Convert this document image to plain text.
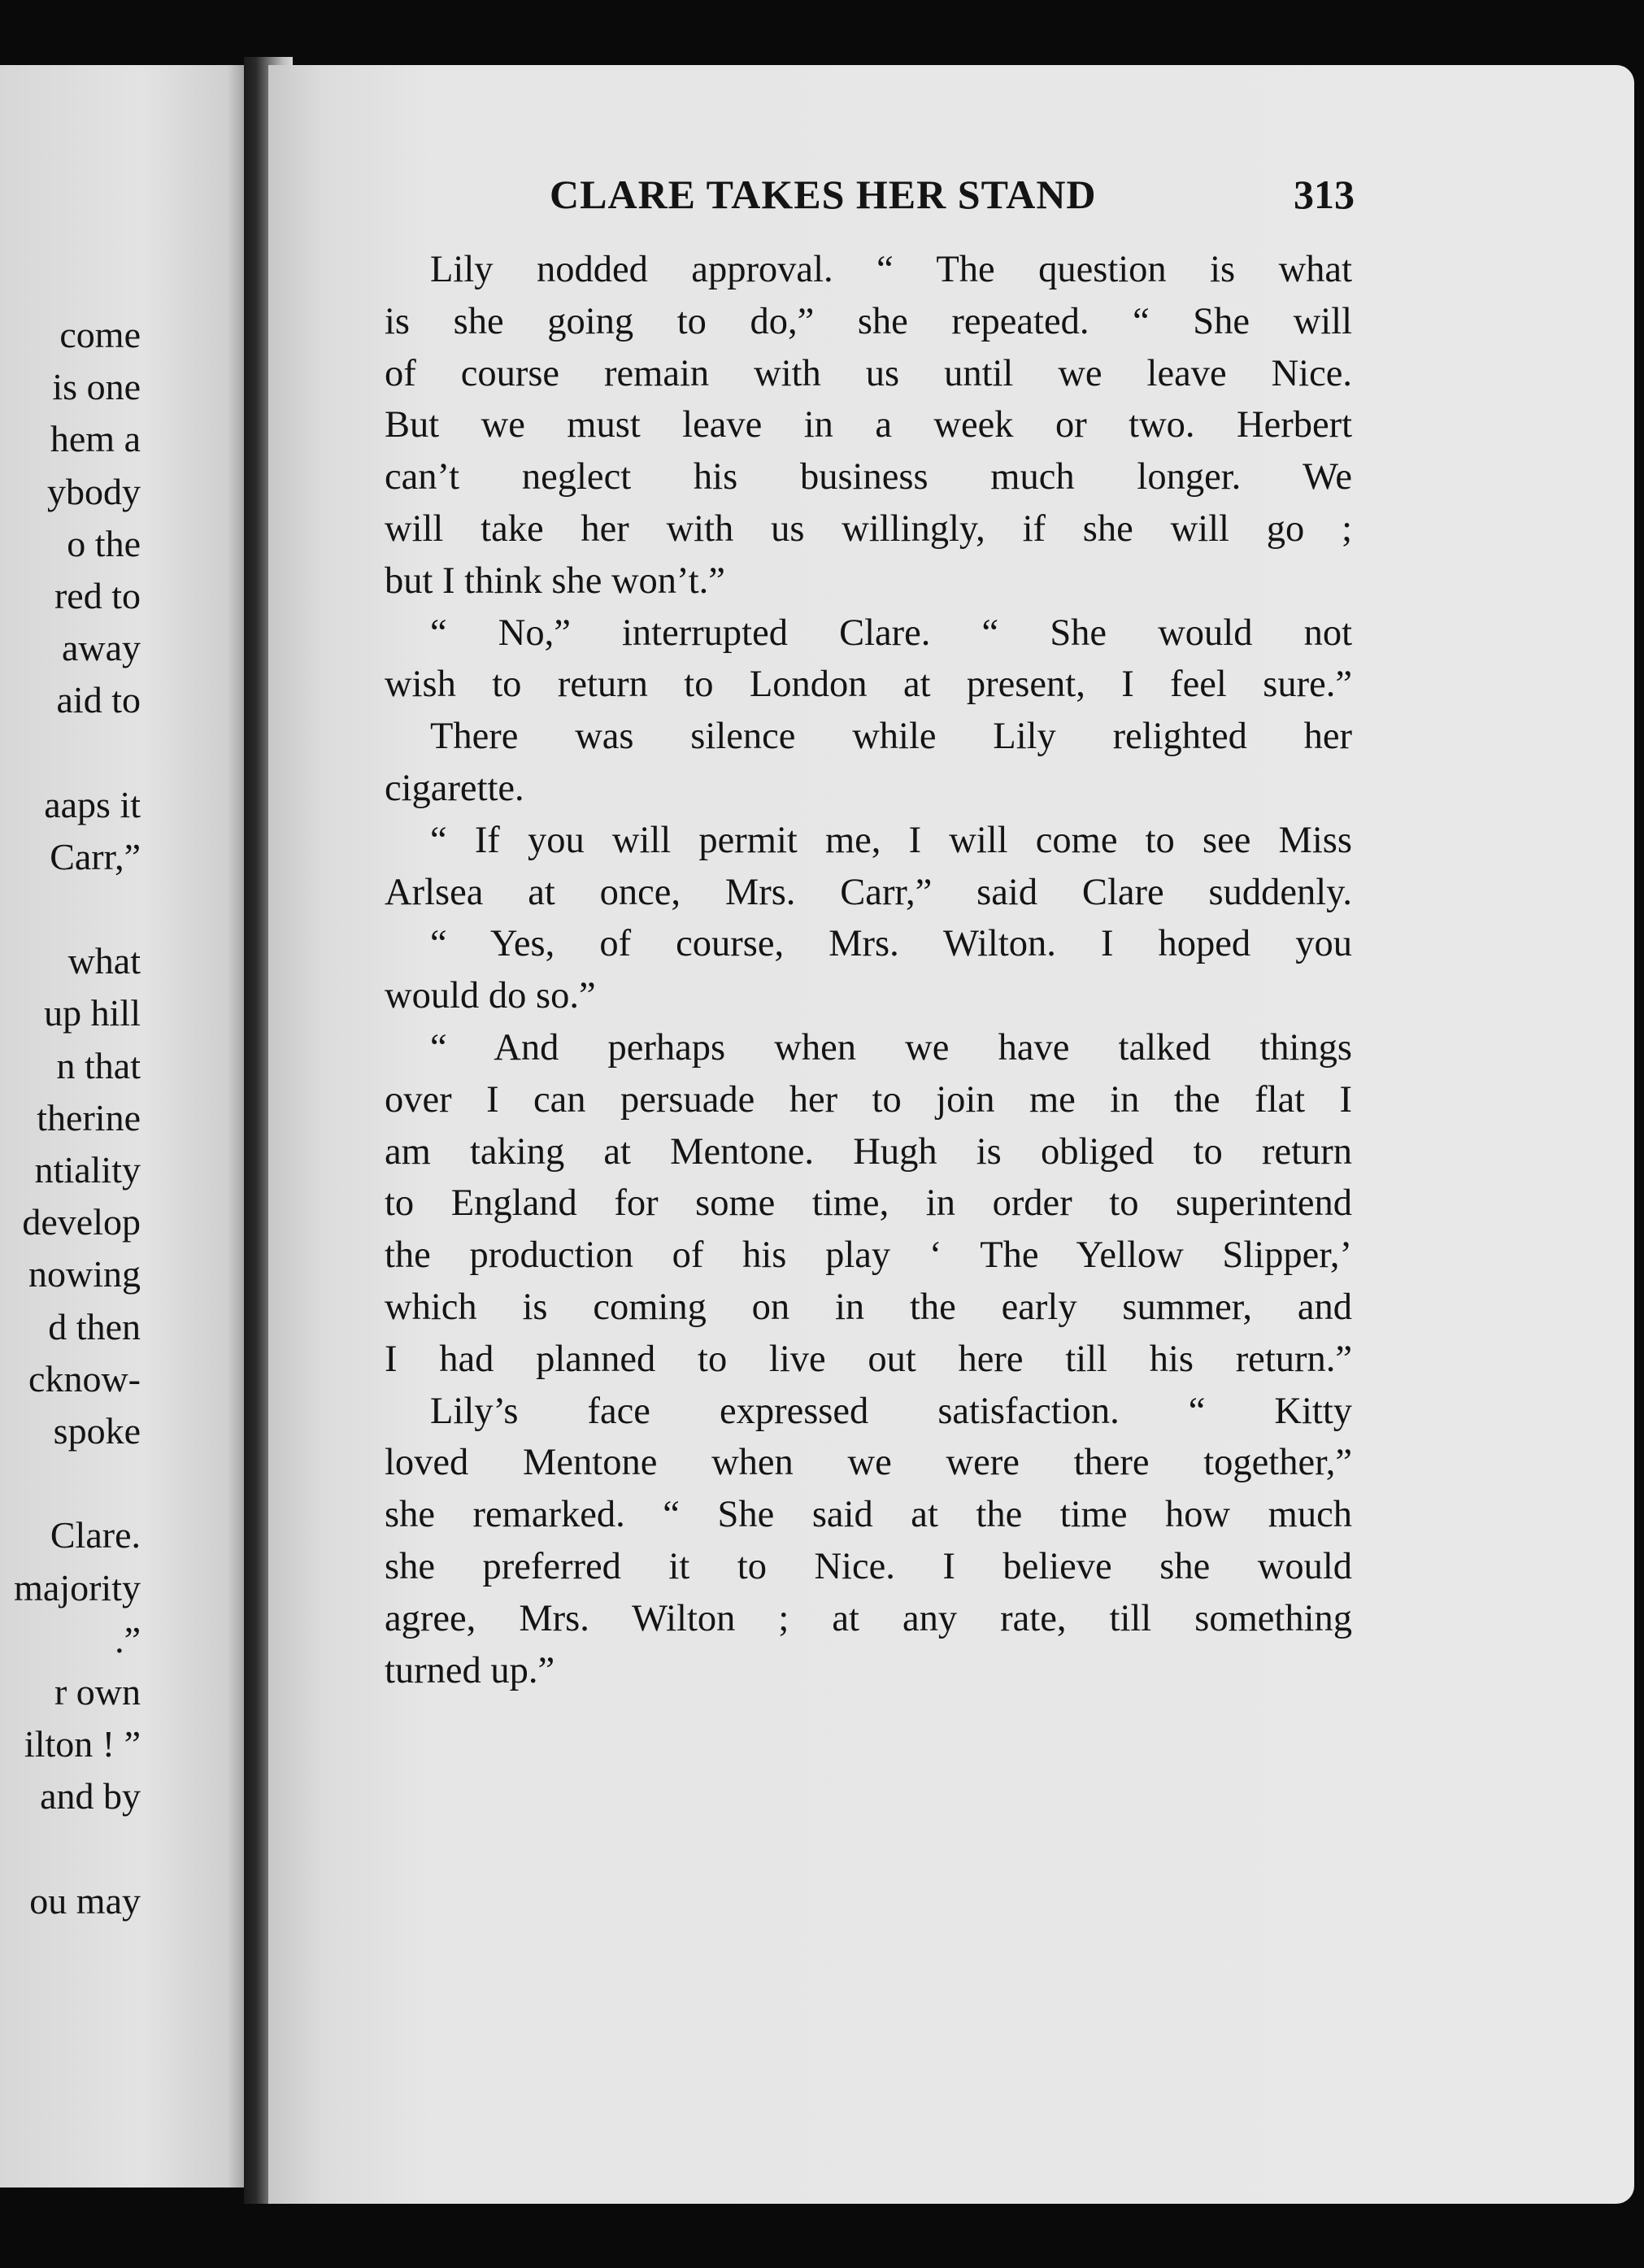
come
is one
hem a
ybody
o the
red to
away
aid to
aaps it
Carr,”
what
up hill
n that
therine
ntiality
develop
nowing
d then
cknow-
spoke
Clare.
majority
.”
r own
ilton ! ”
and by
ou may
CLARE TAKES HER STAND	313
Lily nodded approval. “ The question is what
is she going to do,” she repeated. “ She will
of course remain with us until we leave Nice.
But we must leave in a week or two. Herbert
can’t neglect his business much longer. We
will take her with us willingly, if she will go ;
but I think she won’t.”
“ No,” interrupted Clare. “ She would not
wish to return to London at present, I feel sure.”
There was silence while Lily relighted her
cigarette.
“ If you will permit me, I will come to see Miss
Arlsea at once, Mrs. Carr,” said Clare suddenly.
“ Yes, of course, Mrs. Wilton. I hoped you
would do so.”
“ And perhaps when we have talked things
over I can persuade her to join me in the flat I
am taking at Mentone. Hugh is obliged to return
to England for some time, in order to superintend
the production of his play ‘ The Yellow Slipper,’
which is coming on in the early summer, and
I had planned to live out here till his return.”
Lily’s face expressed satisfaction. “ Kitty
loved Mentone when we were there together,”
she remarked. “ She said at the time how much
she preferred it to Nice. I believe she would
agree, Mrs. Wilton ; at any rate, till something
turned up.”
